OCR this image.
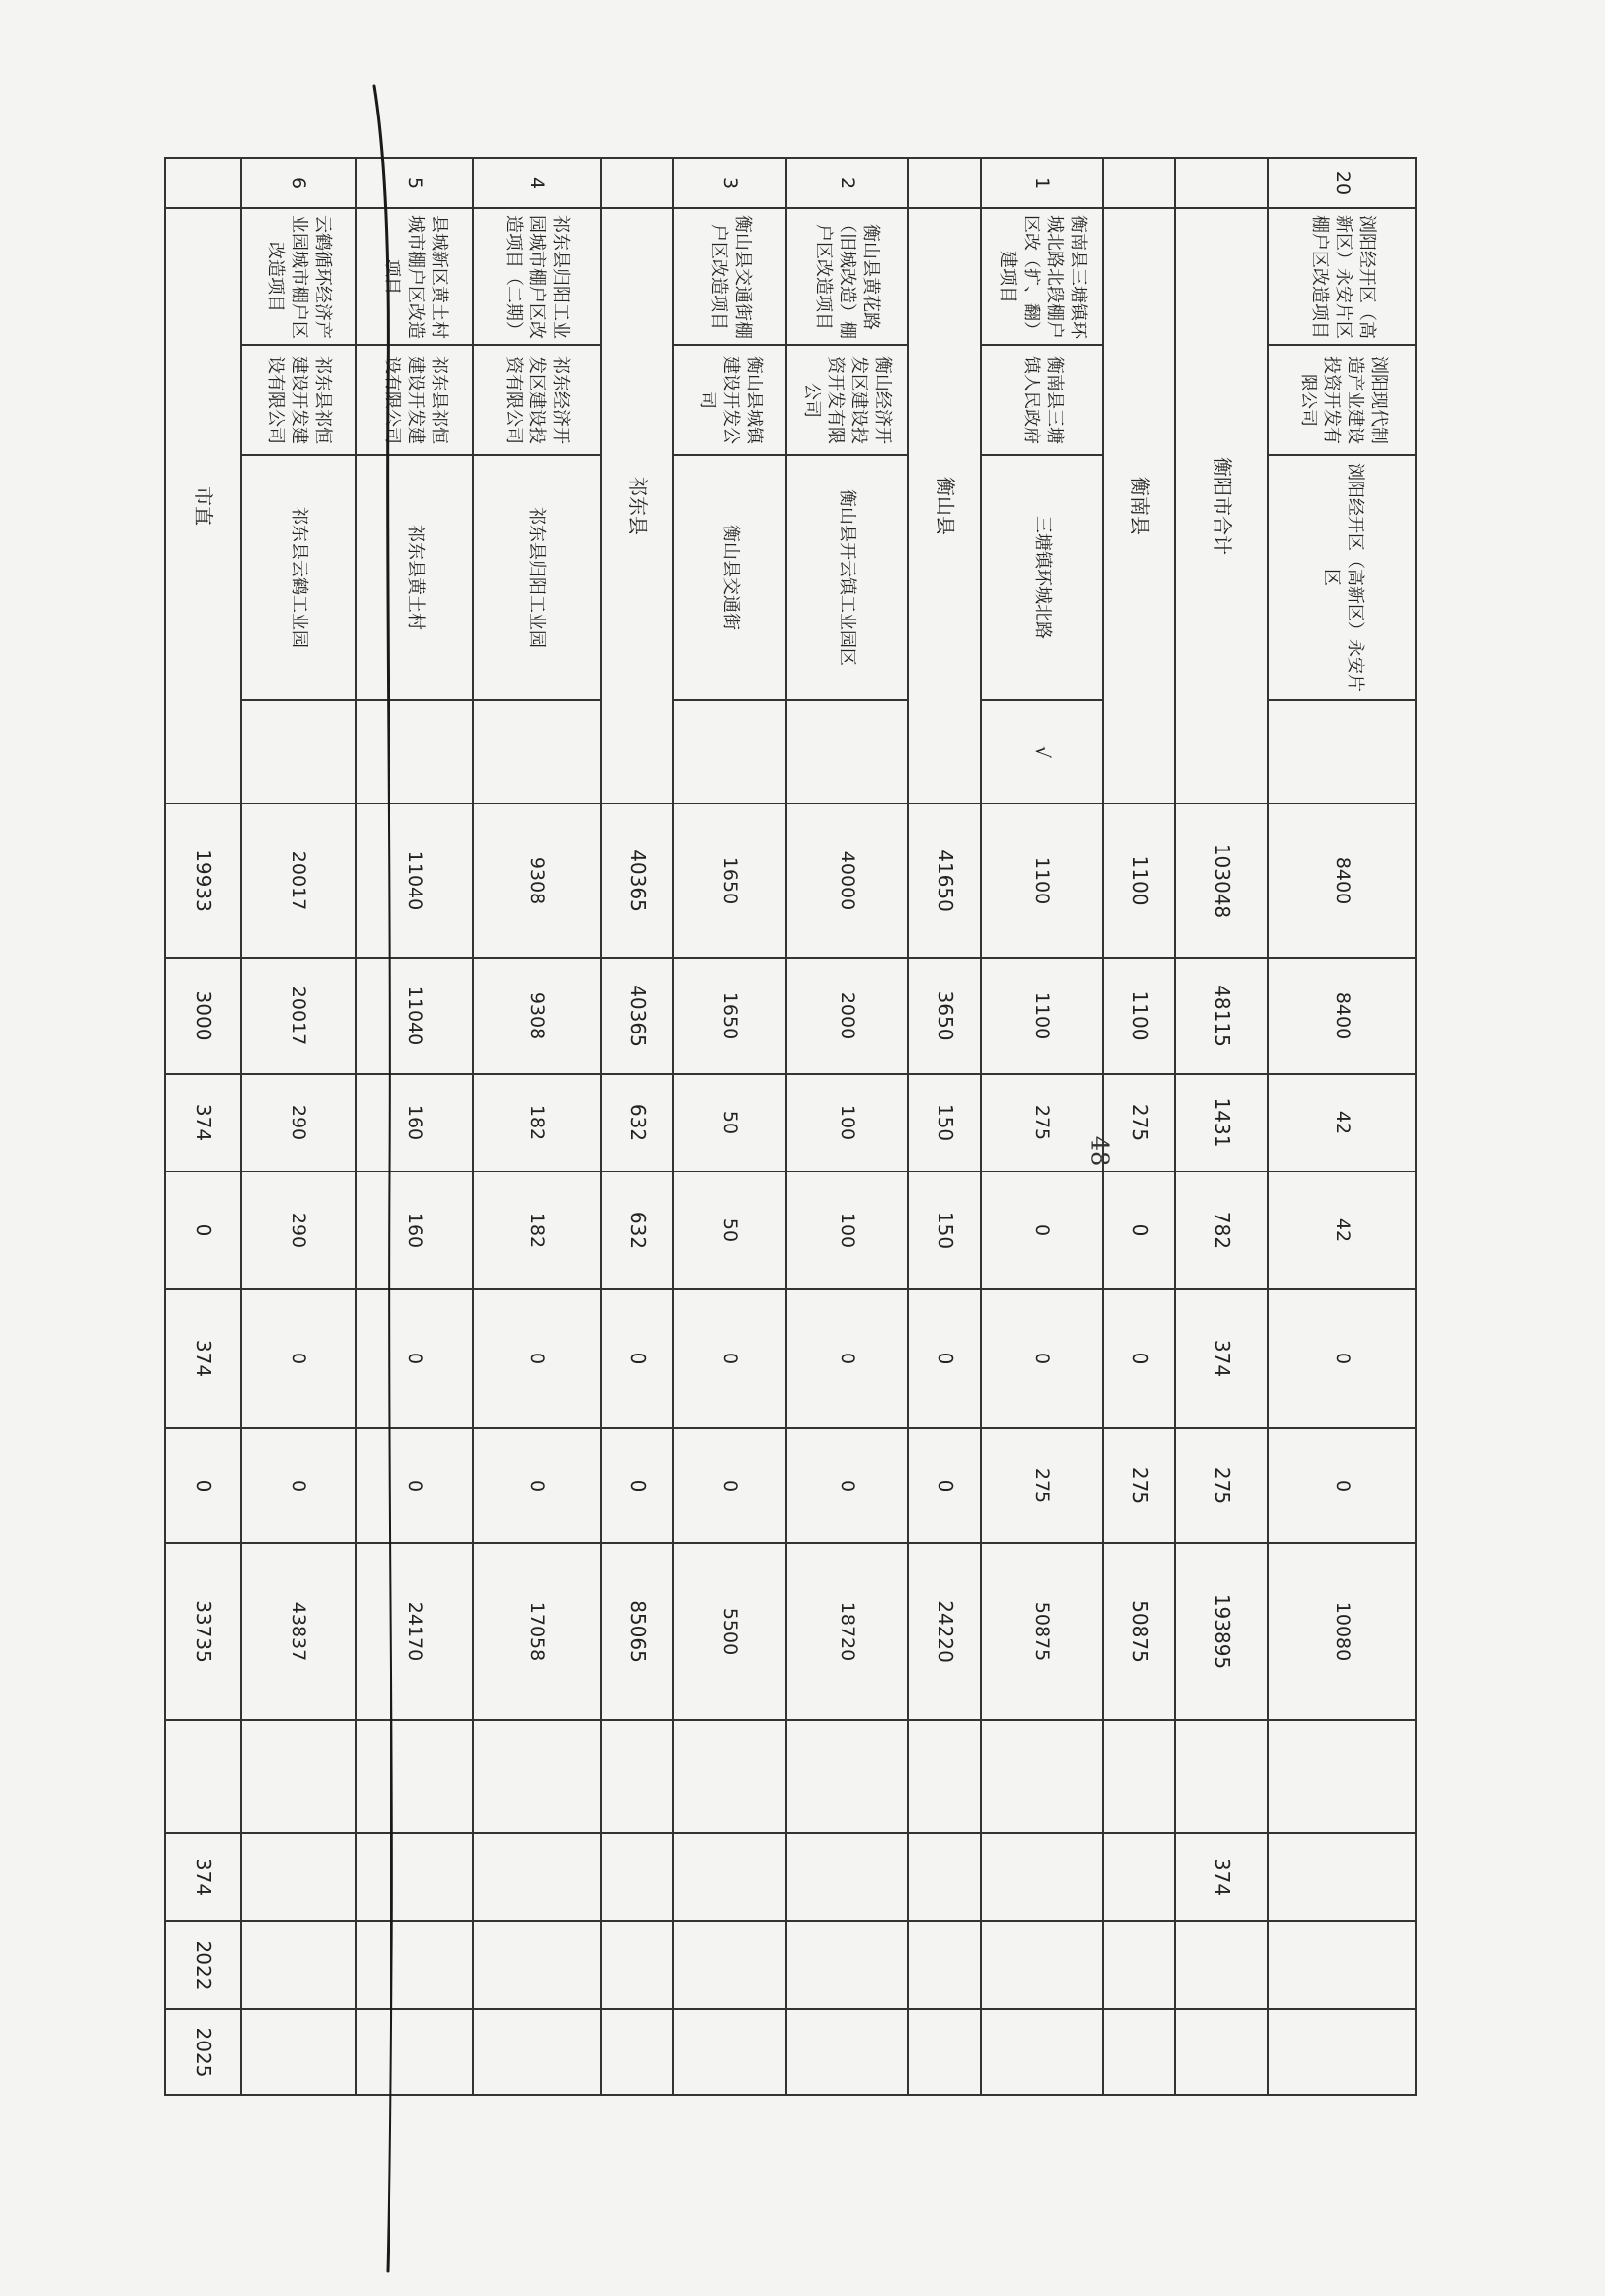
20	浏阳经开区（高新区）永安片区棚户区改造项目	浏阳现代制造产业建设投资开发有限公司	浏阳经开区（高新区）永安片区		8400	8400	42	42	0	0	10080				
	衡阳市合计				103048	48115	1431	782	374	275	193895		374		
	衡南县				1100	1100	275	0	0	275	50875				
1	衡南县三塘镇环城北路北段棚户区改（扩、翻）建项目	衡南县三塘镇人民政府	三塘镇环城北路	√	1100	1100	275	0	0	275	50875				
	衡山县				41650	3650	150	150	0	0	24220				
2	衡山县黄花路（旧城改造）棚户区改造项目	衡山经济开发区建设投资开发有限公司	衡山县开云镇工业园区		40000	2000	100	100	0	0	18720				
3	衡山县交通街棚户区改造项目	衡山县城镇建设开发公司	衡山县交通街		1650	1650	50	50	0	0	5500				
	祁东县				40365	40365	632	632	0	0	85065				
4	祁东县归阳工业园城市棚户区改造项目（二期）	祁东经济开发区建设投资有限公司	祁东县归阳工业园		9308	9308	182	182	0	0	17058				
5	县城新区黄土村城市棚户区改造项目	祁东县祁恒建设开发建设有限公司	祁东县黄土村		11040	11040	160	160	0	0	24170				
6	云鹤循环经济产业园城市棚户区改造项目	祁东县祁恒建设开发建设有限公司	祁东县云鹤工业园		20017	20017	290	290	0	0	43837				
	市直				19933	3000	374	0	374	0	33735		374	2022	2025
48
